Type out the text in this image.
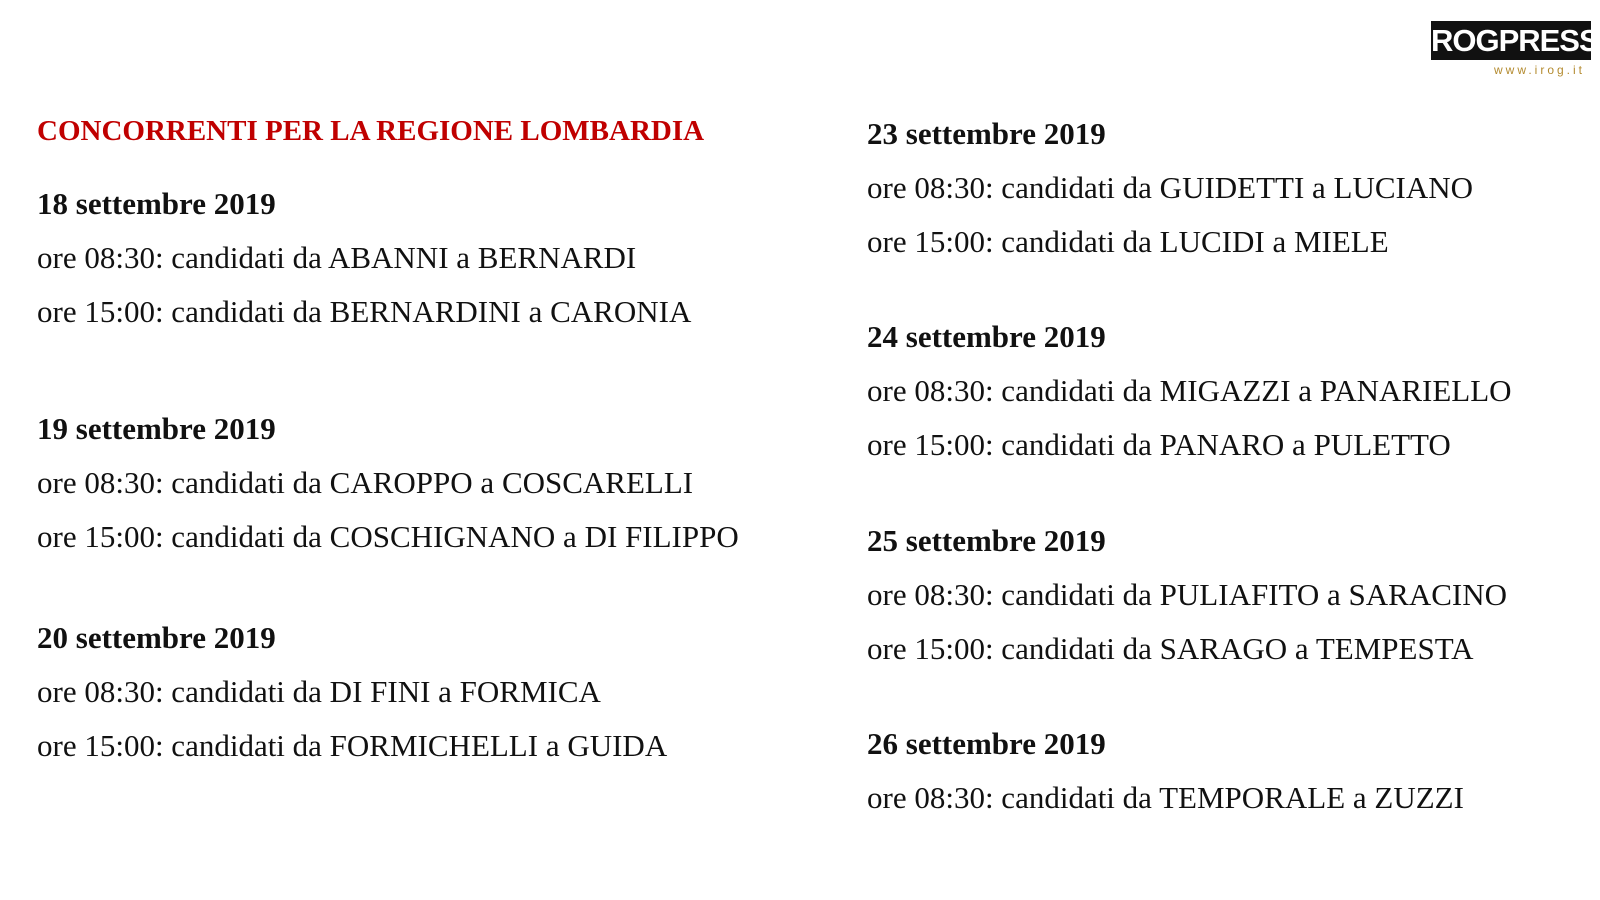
iROG PRESS
www.irog.it
CONCORRENTI PER LA REGIONE LOMBARDIA
18 settembre 2019
ore 08:30: candidati da ABANNI a BERNARDI
ore 15:00: candidati da BERNARDINI a CARONIA
19 settembre 2019
ore 08:30: candidati da CAROPPO a COSCARELLI
ore 15:00: candidati da COSCHIGNANO a DI FILIPPO
20 settembre 2019
ore 08:30: candidati da DI FINI a FORMICA
ore 15:00: candidati da FORMICHELLI a GUIDA
23 settembre 2019
ore 08:30: candidati da GUIDETTI a LUCIANO
ore 15:00: candidati da LUCIDI a MIELE
24 settembre 2019
ore 08:30: candidati da MIGAZZI a PANARIELLO
ore 15:00: candidati da PANARO a PULETTO
25 settembre 2019
ore 08:30: candidati da PULIAFITO a SARACINO
ore 15:00: candidati da SARAGO a TEMPESTA
26 settembre 2019
ore 08:30: candidati da TEMPORALE a ZUZZI
